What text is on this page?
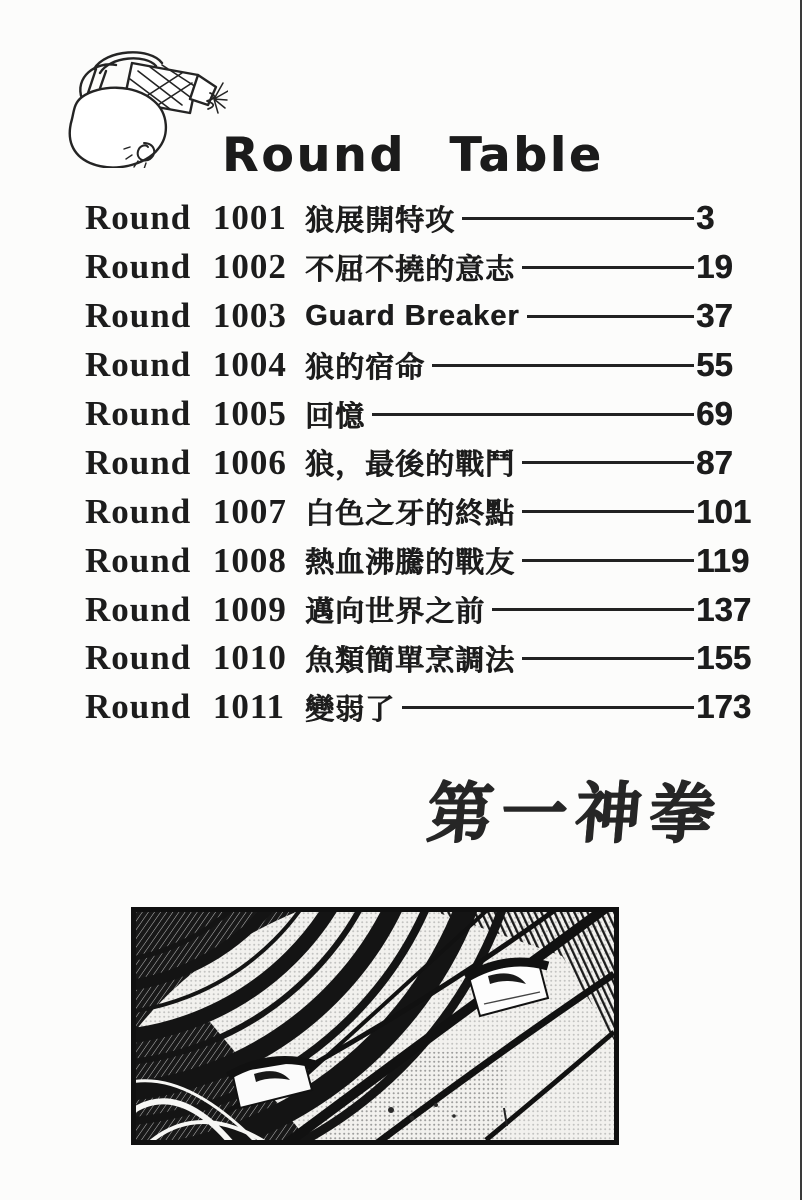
Round Table
Round 1001 狼展開特攻	3
Round 1002 不屈不撓的意志	19
Round 1003 Guard Breaker	37
Round 1004 狼的宿命	55
Round 1005 回憶	69
Round 1006 狼，最後的戰鬥	87
Round 1007 白色之牙的終點	101
Round 1008 熱血沸騰的戰友	119
Round 1009 邁向世界之前	137
Round 1010 魚類簡單烹調法	155
Round 1011 變弱了	173
第一神拳
